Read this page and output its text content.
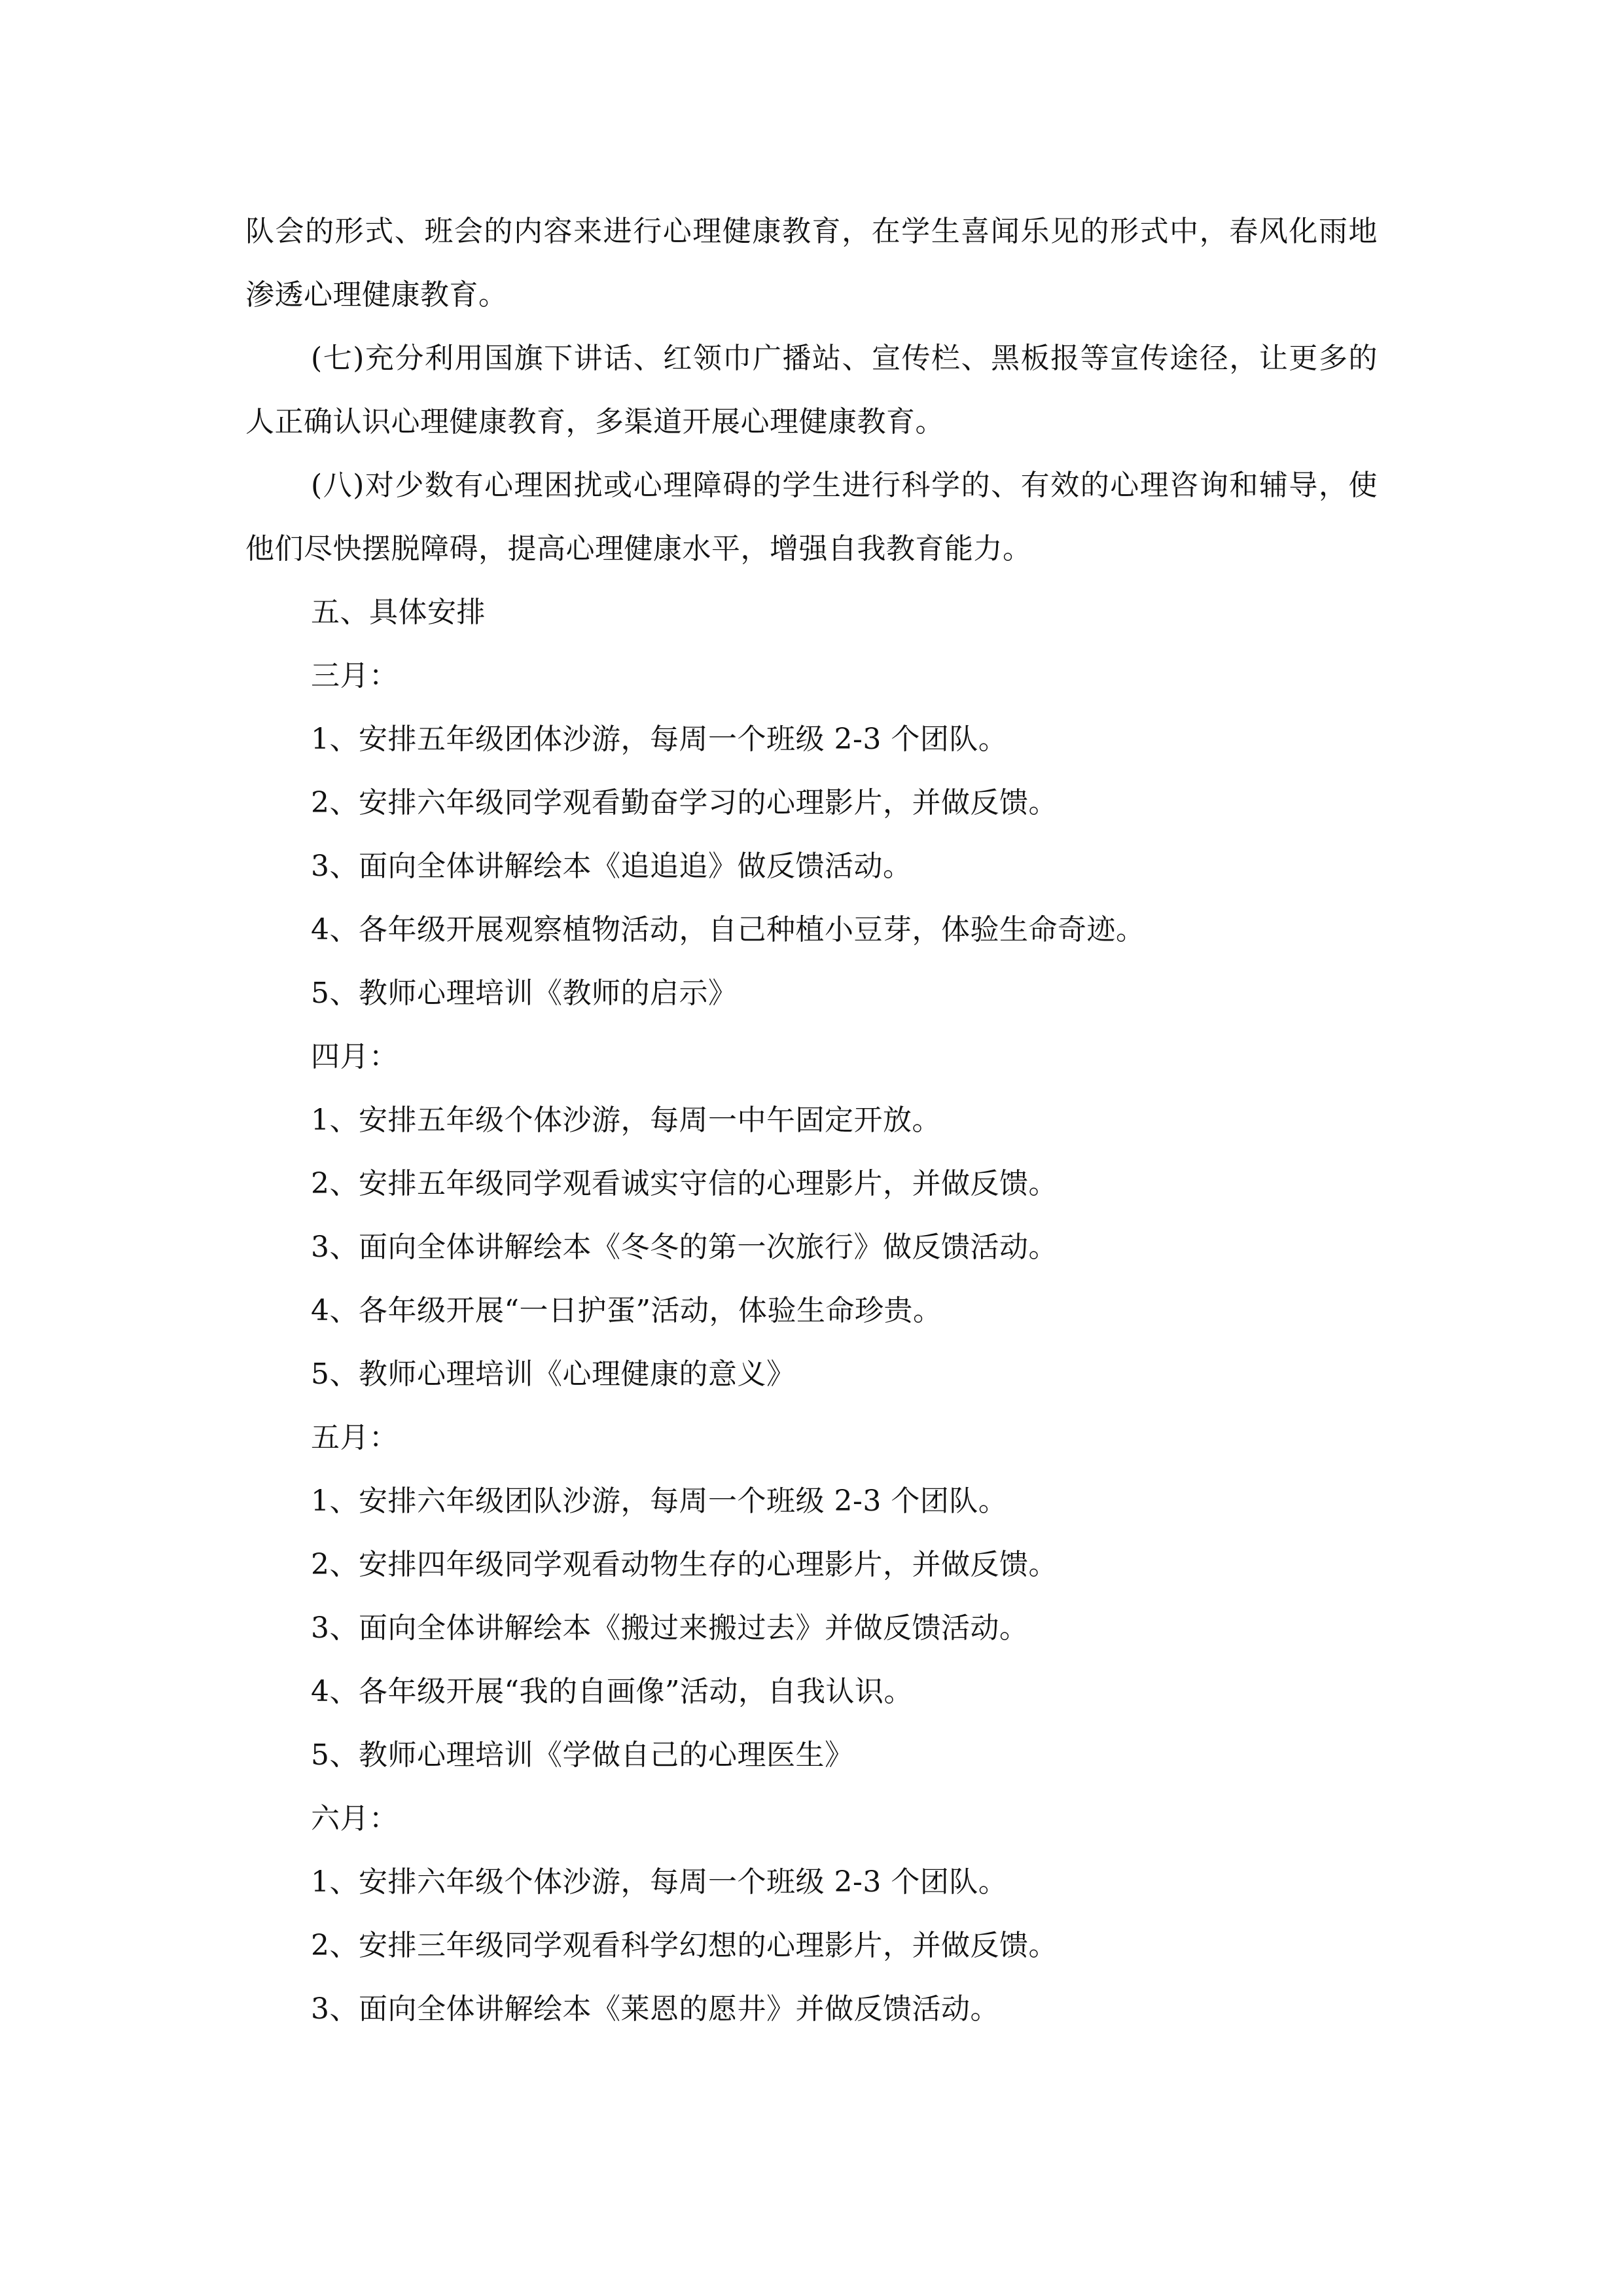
队会的形式、班会的内容来进行心理健康教育，在学生喜闻乐见的形式中，春风化雨地渗透心理健康教育。

(七)充分利用国旗下讲话、红领巾广播站、宣传栏、黑板报等宣传途径，让更多的人正确认识心理健康教育，多渠道开展心理健康教育。

(八)对少数有心理困扰或心理障碍的学生进行科学的、有效的心理咨询和辅导，使他们尽快摆脱障碍，提高心理健康水平，增强自我教育能力。

五、具体安排

三月：

1、安排五年级团体沙游，每周一个班级 2-3 个团队。

2、安排六年级同学观看勤奋学习的心理影片，并做反馈。

3、面向全体讲解绘本《追追追》做反馈活动。

4、各年级开展观察植物活动，自己种植小豆芽，体验生命奇迹。

5、教师心理培训《教师的启示》

四月：

1、安排五年级个体沙游，每周一中午固定开放。

2、安排五年级同学观看诚实守信的心理影片，并做反馈。

3、面向全体讲解绘本《冬冬的第一次旅行》做反馈活动。

4、各年级开展“一日护蛋”活动，体验生命珍贵。

5、教师心理培训《心理健康的意义》

五月：

1、安排六年级团队沙游，每周一个班级 2-3 个团队。

2、安排四年级同学观看动物生存的心理影片，并做反馈。

3、面向全体讲解绘本《搬过来搬过去》并做反馈活动。

4、各年级开展“我的自画像”活动，自我认识。

5、教师心理培训《学做自己的心理医生》

六月：

1、安排六年级个体沙游，每周一个班级 2-3 个团队。

2、安排三年级同学观看科学幻想的心理影片，并做反馈。

3、面向全体讲解绘本《莱恩的愿井》并做反馈活动。
